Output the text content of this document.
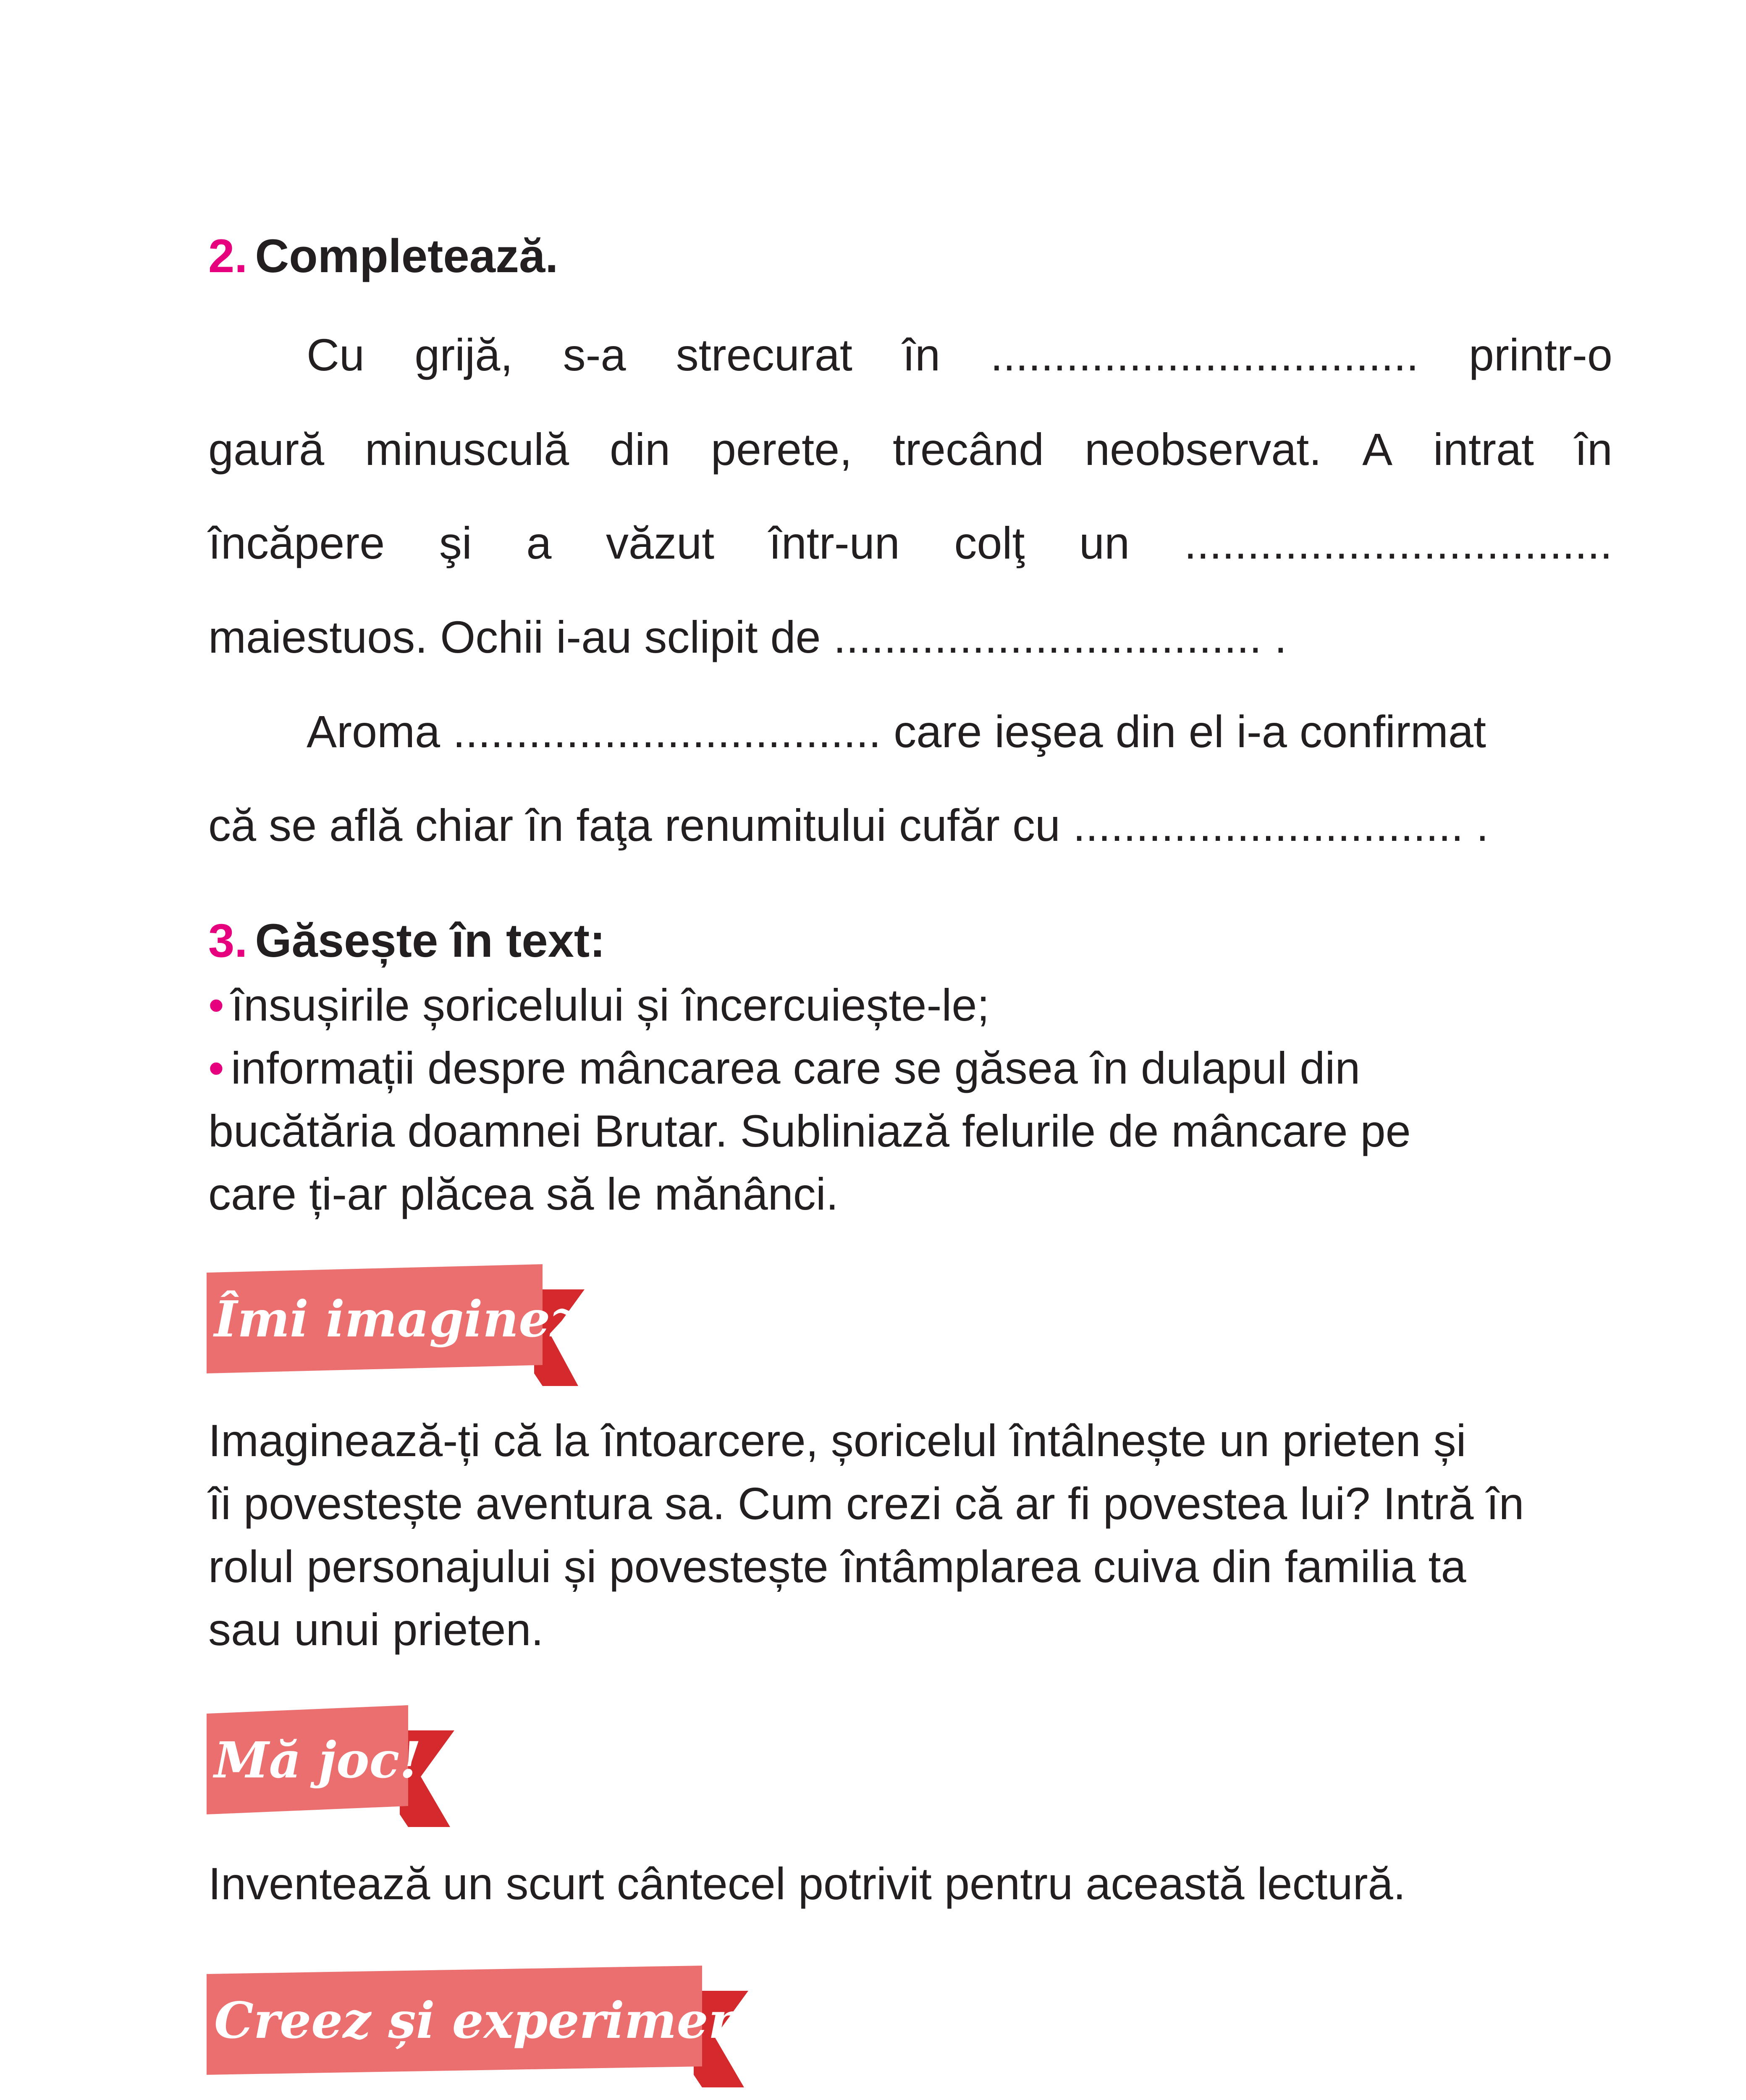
2. Completează.
Cu grijă, s-a strecurat în .................................. printr-o
gaură minusculă din perete, trecând neobservat. A intrat în
încăpere şi a văzut într-un colţ un ..................................
maiestuos. Ochii i-au sclipit de .................................. .
Aroma .................................. care ieşea din el i-a confirmat
că se află chiar în faţa renumitului cufăr cu ............................... .
3. Găsește în text:
• însușirile șoricelului și încercuiește-le;
• informații despre mâncarea care se găsea în dulapul din
bucătăria doamnei Brutar. Subliniază felurile de mâncare pe
care ți-ar plăcea să le mănânci.
Îmi imaginez!
Imaginează-ți că la întoarcere, șoricelul întâlnește un prieten și
îi povestește aventura sa. Cum crezi că ar fi povestea lui? Intră în
rolul personajului și povestește întâmplarea cuiva din familia ta
sau unui prieten.
Mă joc!
Inventează un scurt cântecel potrivit pentru această lectură.
Creez și experimentez!
